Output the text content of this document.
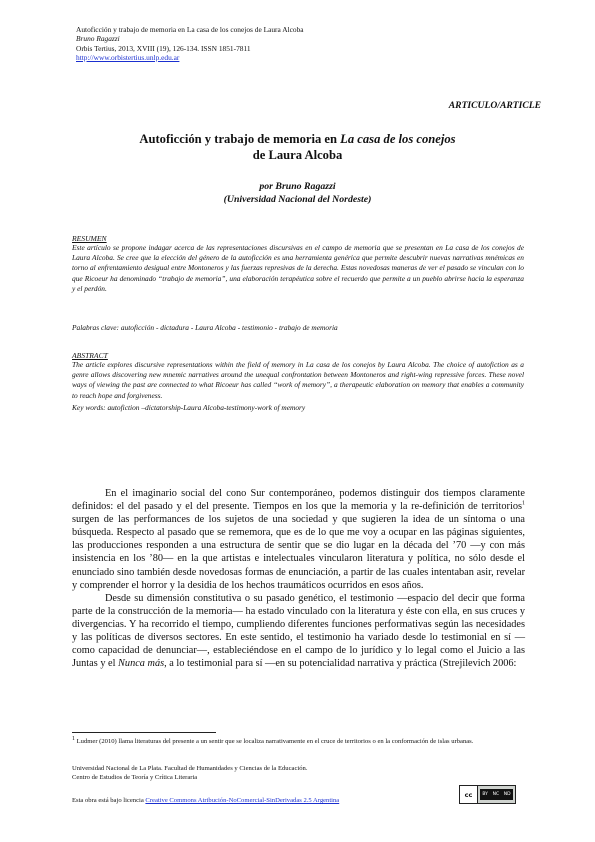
Autoficción y trabajo de memoria en La casa de los conejos de Laura Alcoba
Bruno Ragazzi
Orbis Tertius, 2013, XVIII (19), 126-134. ISSN 1851-7811
http://www.orbistertius.unlp.edu.ar
ARTICULO/ARTICLE
Autoficción y trabajo de memoria en La casa de los conejos
de Laura Alcoba
por Bruno Ragazzi
(Universidad Nacional del Nordeste)
RESUMEN
Este artículo se propone indagar acerca de las representaciones discursivas en el campo de memoria que se presentan en La casa de los conejos de Laura Alcoba. Se cree que la elección del género de la autoficción es una herramienta genérica que permite descubrir nuevas narrativas mnémicas en torno al enfrentamiento desigual entre Montoneros y las fuerzas represivas de la derecha. Estas novedosas maneras de ver el pasado se vinculan con lo que Ricoeur ha denominado “trabajo de memoria”, una elaboración terapéutica sobre el recuerdo que permite a un pueblo abrirse hacia la esperanza y el perdón.
Palabras clave: autoficción - dictadura - Laura Alcoba - testimonio - trabajo de memoria
ABSTRACT
The article explores discursive representations within the field of memory in La casa de los conejos by Laura Alcoba. The choice of autofiction as a genre allows discovering new mnemic narratives around the unequal confrontation between Montoneros and right-wing repressive forces. These novel ways of viewing the past are connected to what Ricoeur has called “work of memory”, a therapeutic elaboration on memory that enables a community to reach hope and forgiveness.
Key words: autofiction –dictatorship-Laura Alcoba-testimony-work of memory

En el imaginario social del cono Sur contemporáneo, podemos distinguir dos tiempos claramente definidos: el del pasado y el del presente. Tiempos en los que la memoria y la re-definición de territorios$^1$ surgen de las performances de los sujetos de una sociedad y que sugieren la idea de un síntoma o una búsqueda. Respecto al pasado que se rememora, que es de lo que me voy a ocupar en las páginas siguientes, las producciones responden a una estructura de sentir que se dio lugar en la década del ’70 —y con más insistencia en los ’80— en la que artistas e intelectuales vincularon literatura y política, no sólo desde el enunciado sino también desde novedosas formas de enunciación, a partir de las cuales intentaban asir, revelar y comprender el horror y la desidia de los hechos traumáticos ocurridos en esos años.

Desde su dimensión constitutiva o su pasado genético, el testimonio —espacio del decir que forma parte de la construcción de la memoria— ha estado vinculado con la literatura y éste con ella, en sus cruces y divergencias. Y ha recorrido el tiempo, cumpliendo diferentes funciones performativas según las necesidades y las políticas de diversos sectores. En este sentido, el testimonio ha variado desde lo testimonial en sí —como capacidad de denunciar—, estableciéndose en el campo de lo jurídico y lo legal como el Juicio a las Juntas y el Nunca más, a lo testimonial para sí —en su potencialidad narrativa y práctica (Strejilevich 2006:

$^1$ Ludmer (2010) llama literaturas del presente a un sentir que se localiza narrativamente en el cruce de territorios o en la conformación de islas urbanas.
Universidad Nacional de La Plata. Facultad de Humanidades y Ciencias de la Educación.
Centro de Estudios de Teoría y Crítica Literaria
Esta obra está bajo licencia Creative Commons Atribución-NoComercial-SinDerivadas 2.5 Argentina
cc	BY NC ND
